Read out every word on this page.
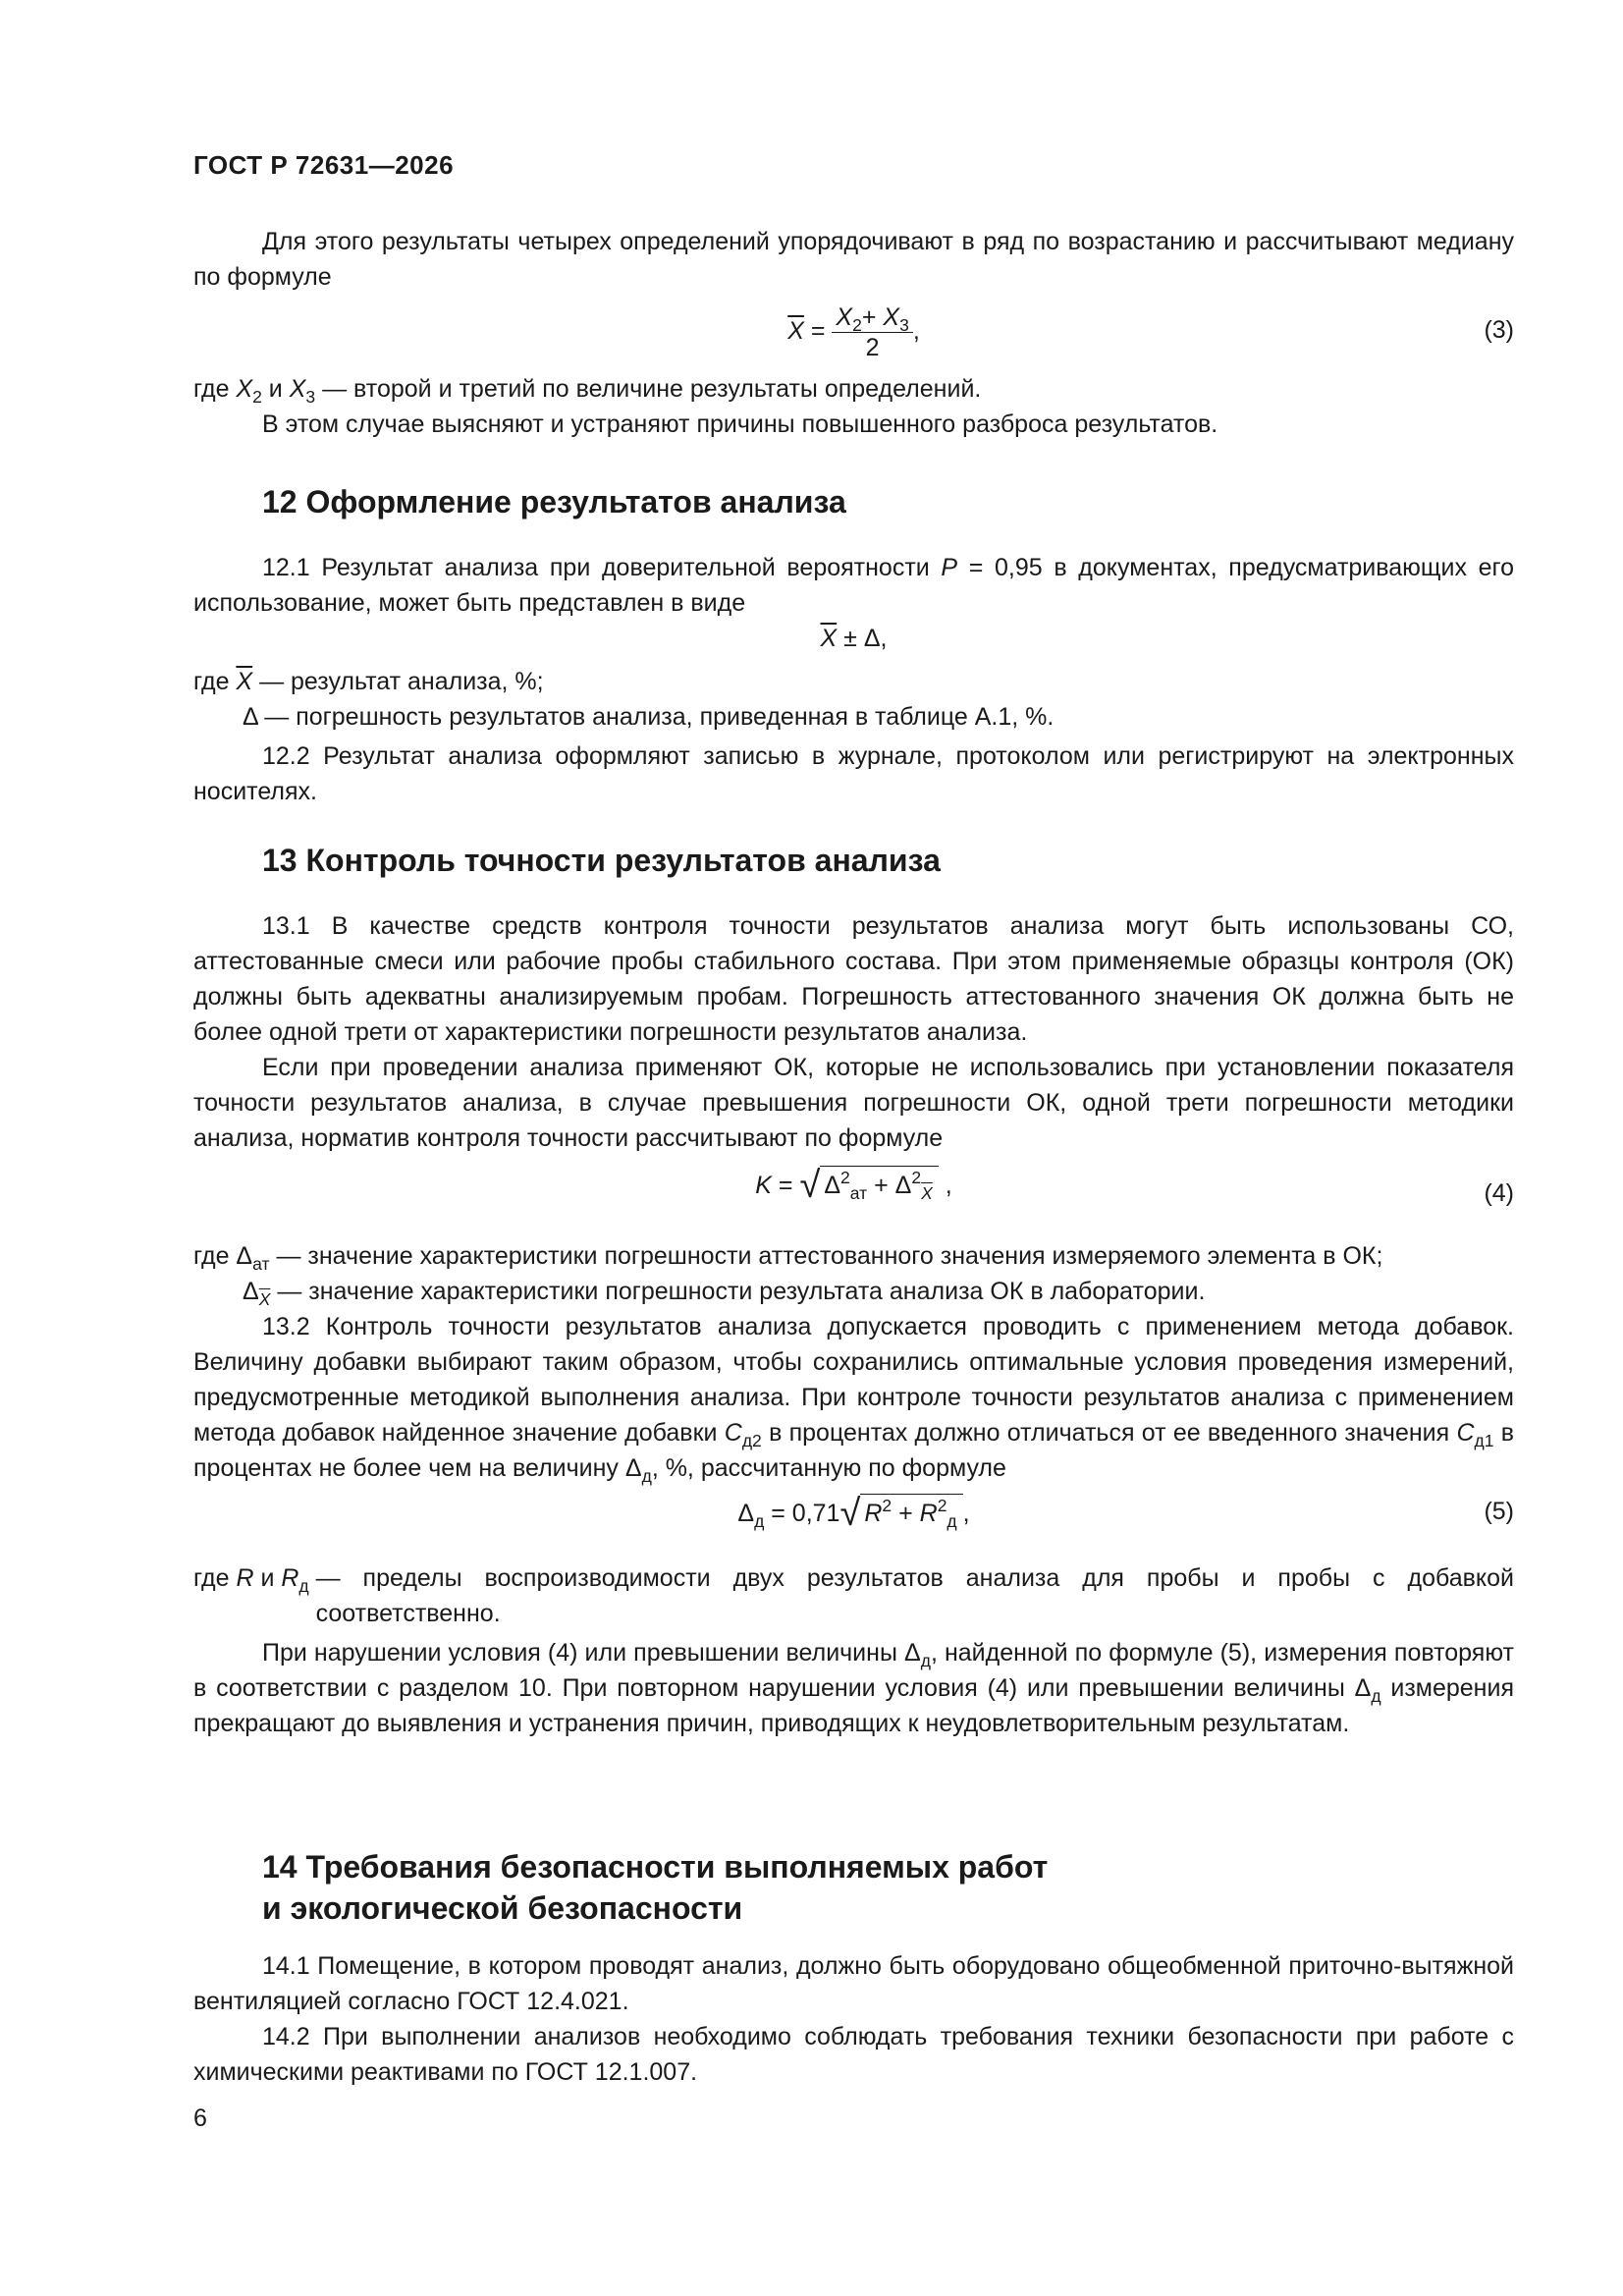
ГОСТ Р 72631—2026

Для этого результаты четырех определений упорядочивают в ряд по возрастанию и рассчитывают медиану по формуле

$\overline{X} = \frac{X_2+ X_3}{2}$ ,	(3)

где $X_2$ и $X_3$ — второй и третий по величине результаты определений.

В этом случае выясняют и устраняют причины повышенного разброса результатов.

12 Оформление результатов анализа

12.1 Результат анализа при доверительной вероятности P = 0,95 в документах, предусматривающих его использование, может быть представлен в виде

$\overline{X} \pm \Delta$,

где $\overline{X}$ — результат анализа, %;

Δ — погрешность результатов анализа, приведенная в таблице А.1, %.

12.2 Результат анализа оформляют записью в журнале, протоколом или регистрируют на электронных носителях.

13 Контроль точности результатов анализа

13.1 В качестве средств контроля точности результатов анализа могут быть использованы СО, аттестованные смеси или рабочие пробы стабильного состава. При этом применяемые образцы контроля (ОК) должны быть адекватны анализируемым пробам. Погрешность аттестованного значения ОК должна быть не более одной трети от характеристики погрешности результатов анализа.

Если при проведении анализа применяют ОК, которые не использовались при установлении показателя точности результатов анализа, в случае превышения погрешности ОК, одной трети погрешности методики анализа, норматив контроля точности рассчитывают по формуле

K = √ $\Delta^2_{ат} + \Delta^2_{\overline{X}}$ ,	(4)

где $\Delta_{ат}$ — значение характеристики погрешности аттестованного значения измеряемого элемента в ОК;

$\Delta_{\overline{X}}$ — значение характеристики погрешности результата анализа ОК в лаборатории.

13.2 Контроль точности результатов анализа допускается проводить с применением метода добавок. Величину добавки выбирают таким образом, чтобы сохранились оптимальные условия проведения измерений, предусмотренные методикой выполнения анализа. При контроле точности результатов анализа с применением метода добавок найденное значение добавки $C_{д2}$ в процентах должно отличаться от ее введенного значения $C_{д1}$ в процентах не более чем на величину $\Delta_д$, %, рассчитанную по формуле

$\Delta_д = 0,71√$ $R^2 + R^2_д$ ,	(5)
где R и $R_д$ — пределы воспроизводимости двух результатов анализа для пробы и пробы с добавкой соответственно.

При нарушении условия (4) или превышении величины $\Delta_д$, найденной по формуле (5), измерения повторяют в соответствии с разделом 10. При повторном нарушении условия (4) или превышении величины $\Delta_д$ измерения прекращают до выявления и устранения причин, приводящих к неудовлетворительным результатам.

14 Требования безопасности выполняемых работ
и экологической безопасности

14.1 Помещение, в котором проводят анализ, должно быть оборудовано общеобменной приточно-вытяжной вентиляцией согласно ГОСТ 12.4.021.

14.2 При выполнении анализов необходимо соблюдать требования техники безопасности при работе с химическими реактивами по ГОСТ 12.1.007.

6
